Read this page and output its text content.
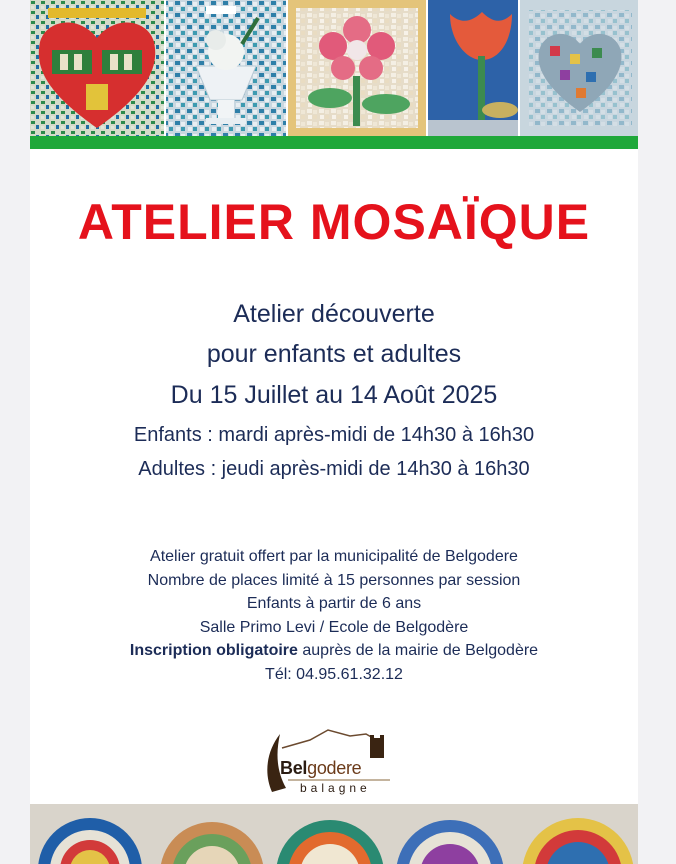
ATELIER MOSAÏQUE

Atelier découverte

pour enfants et adultes

Du 15 Juillet au 14 Août 2025

Enfants : mardi après-midi de 14h30 à 16h30

Adultes : jeudi après-midi de 14h30 à 16h30

Atelier gratuit offert par la municipalité de Belgodere
Nombre de places limité à 15 personnes par session
Enfants à partir de 6 ans
Salle Primo Levi / Ecole de Belgodère
Inscription obligatoire auprès de la mairie de Belgodère
Tél: 04.95.61.32.12
Belgodere
balagne
